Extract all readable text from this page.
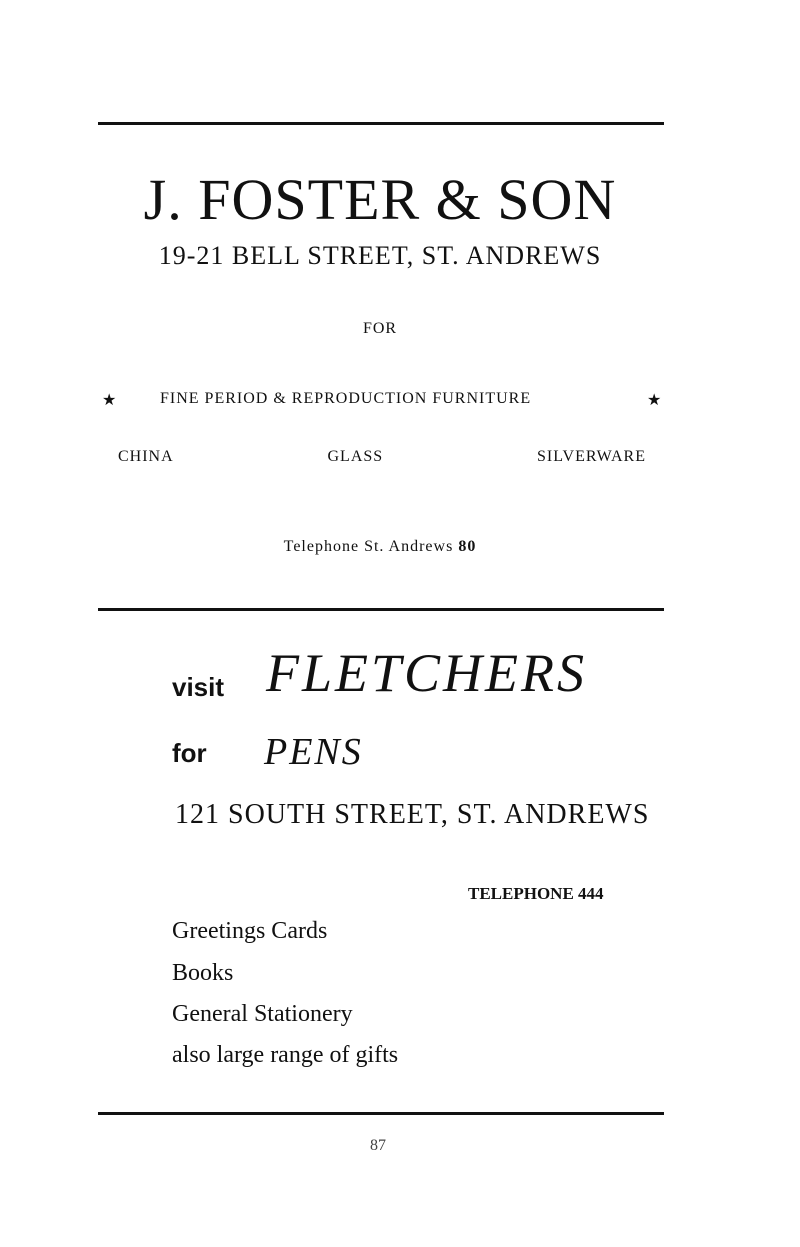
J. FOSTER & SON
19-21 BELL STREET, ST. ANDREWS
FOR
★	FINE PERIOD & REPRODUCTION FURNITURE	★
CHINA	GLASS	SILVERWARE
Telephone St. Andrews 80
visit FLETCHERS
for PENS
121 SOUTH STREET, ST. ANDREWS
TELEPHONE 444
Greetings Cards
Books
General Stationery
also large range of gifts
87
